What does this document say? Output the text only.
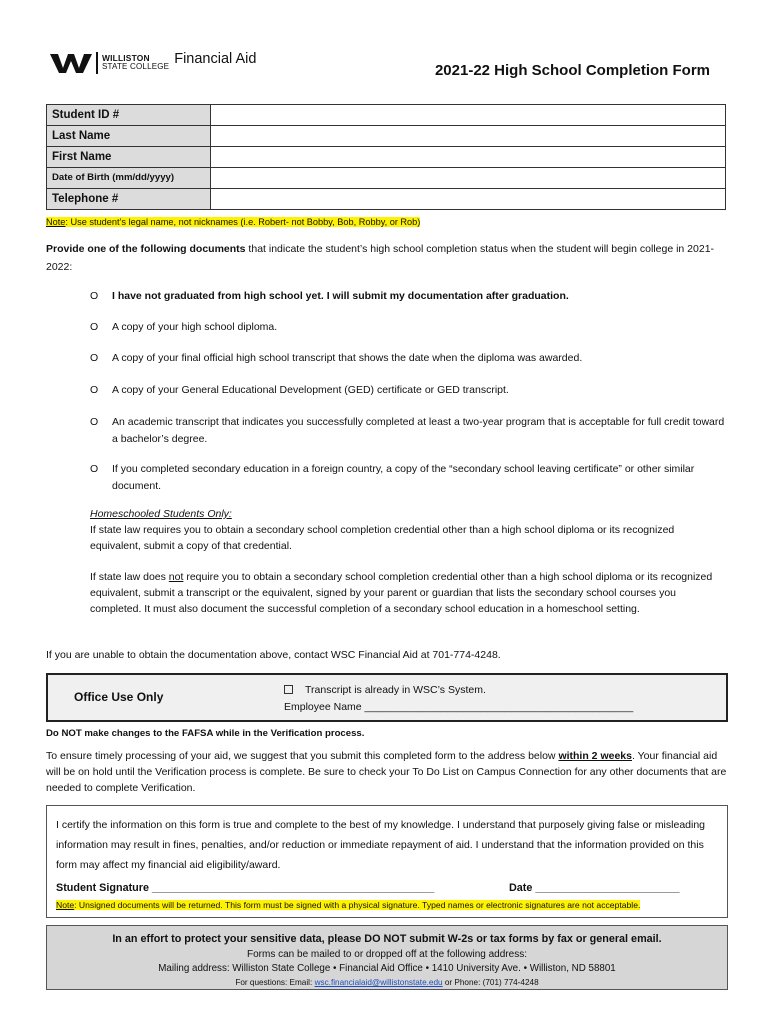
WILLISTON
STATE COLLEGE Financial Aid
2021-22 High School Completion Form
Student ID #	
Last Name	
First Name	
Date of Birth (mm/dd/yyyy)	
Telephone #	
Note: Use student’s legal name, not nicknames (i.e. Robert- not Bobby, Bob, Robby, or Rob)
Provide one of the following documents that indicate the student’s high school completion status when the student will begin college in 2021-2022:
O	I have not graduated from high school yet. I will submit my documentation after graduation.
O	A copy of your high school diploma.
O	A copy of your final official high school transcript that shows the date when the diploma was awarded.
O	A copy of your General Educational Development (GED) certificate or GED transcript.
O	An academic transcript that indicates you successfully completed at least a two-year program that is acceptable for full credit toward a bachelor’s degree.
O	If you completed secondary education in a foreign country, a copy of the “secondary school leaving certificate” or other similar document.
Homeschooled Students Only:
If state law requires you to obtain a secondary school completion credential other than a high school diploma or its recognized equivalent, submit a copy of that credential.
If state law does not require you to obtain a secondary school completion credential other than a high school diploma or its recognized equivalent, submit a transcript or the equivalent, signed by your parent or guardian that lists the secondary school courses you completed. It must also document the successful completion of a secondary school education in a homeschool setting.
If you are unable to obtain the documentation above, contact WSC Financial Aid at 701-774-4248.
Office Use Only	Transcript is already in WSC’s System.
Employee Name ______________________________________________
Do NOT make changes to the FAFSA while in the Verification process.
To ensure timely processing of your aid, we suggest that you submit this completed form to the address below within 2 weeks. Your financial aid will be on hold until the Verification process is complete. Be sure to check your To Do List on Campus Connection for any other documents that are needed to complete Verification.
I certify the information on this form is true and complete to the best of my knowledge. I understand that purposely giving false or misleading information may result in fines, penalties, and/or reduction or immediate repayment of aid. I understand that the information provided on this form may affect my financial aid eligibility/award.
Student Signature _______________________________________________	Date ________________________
Note: Unsigned documents will be returned. This form must be signed with a physical signature. Typed names or electronic signatures are not acceptable.
In an effort to protect your sensitive data, please DO NOT submit W-2s or tax forms by fax or general email.
Forms can be mailed to or dropped off at the following address:
Mailing address: Williston State College • Financial Aid Office • 1410 University Ave. • Williston, ND 58801
For questions: Email: wsc.financialaid@willistonstate.edu or Phone: (701) 774-4248
